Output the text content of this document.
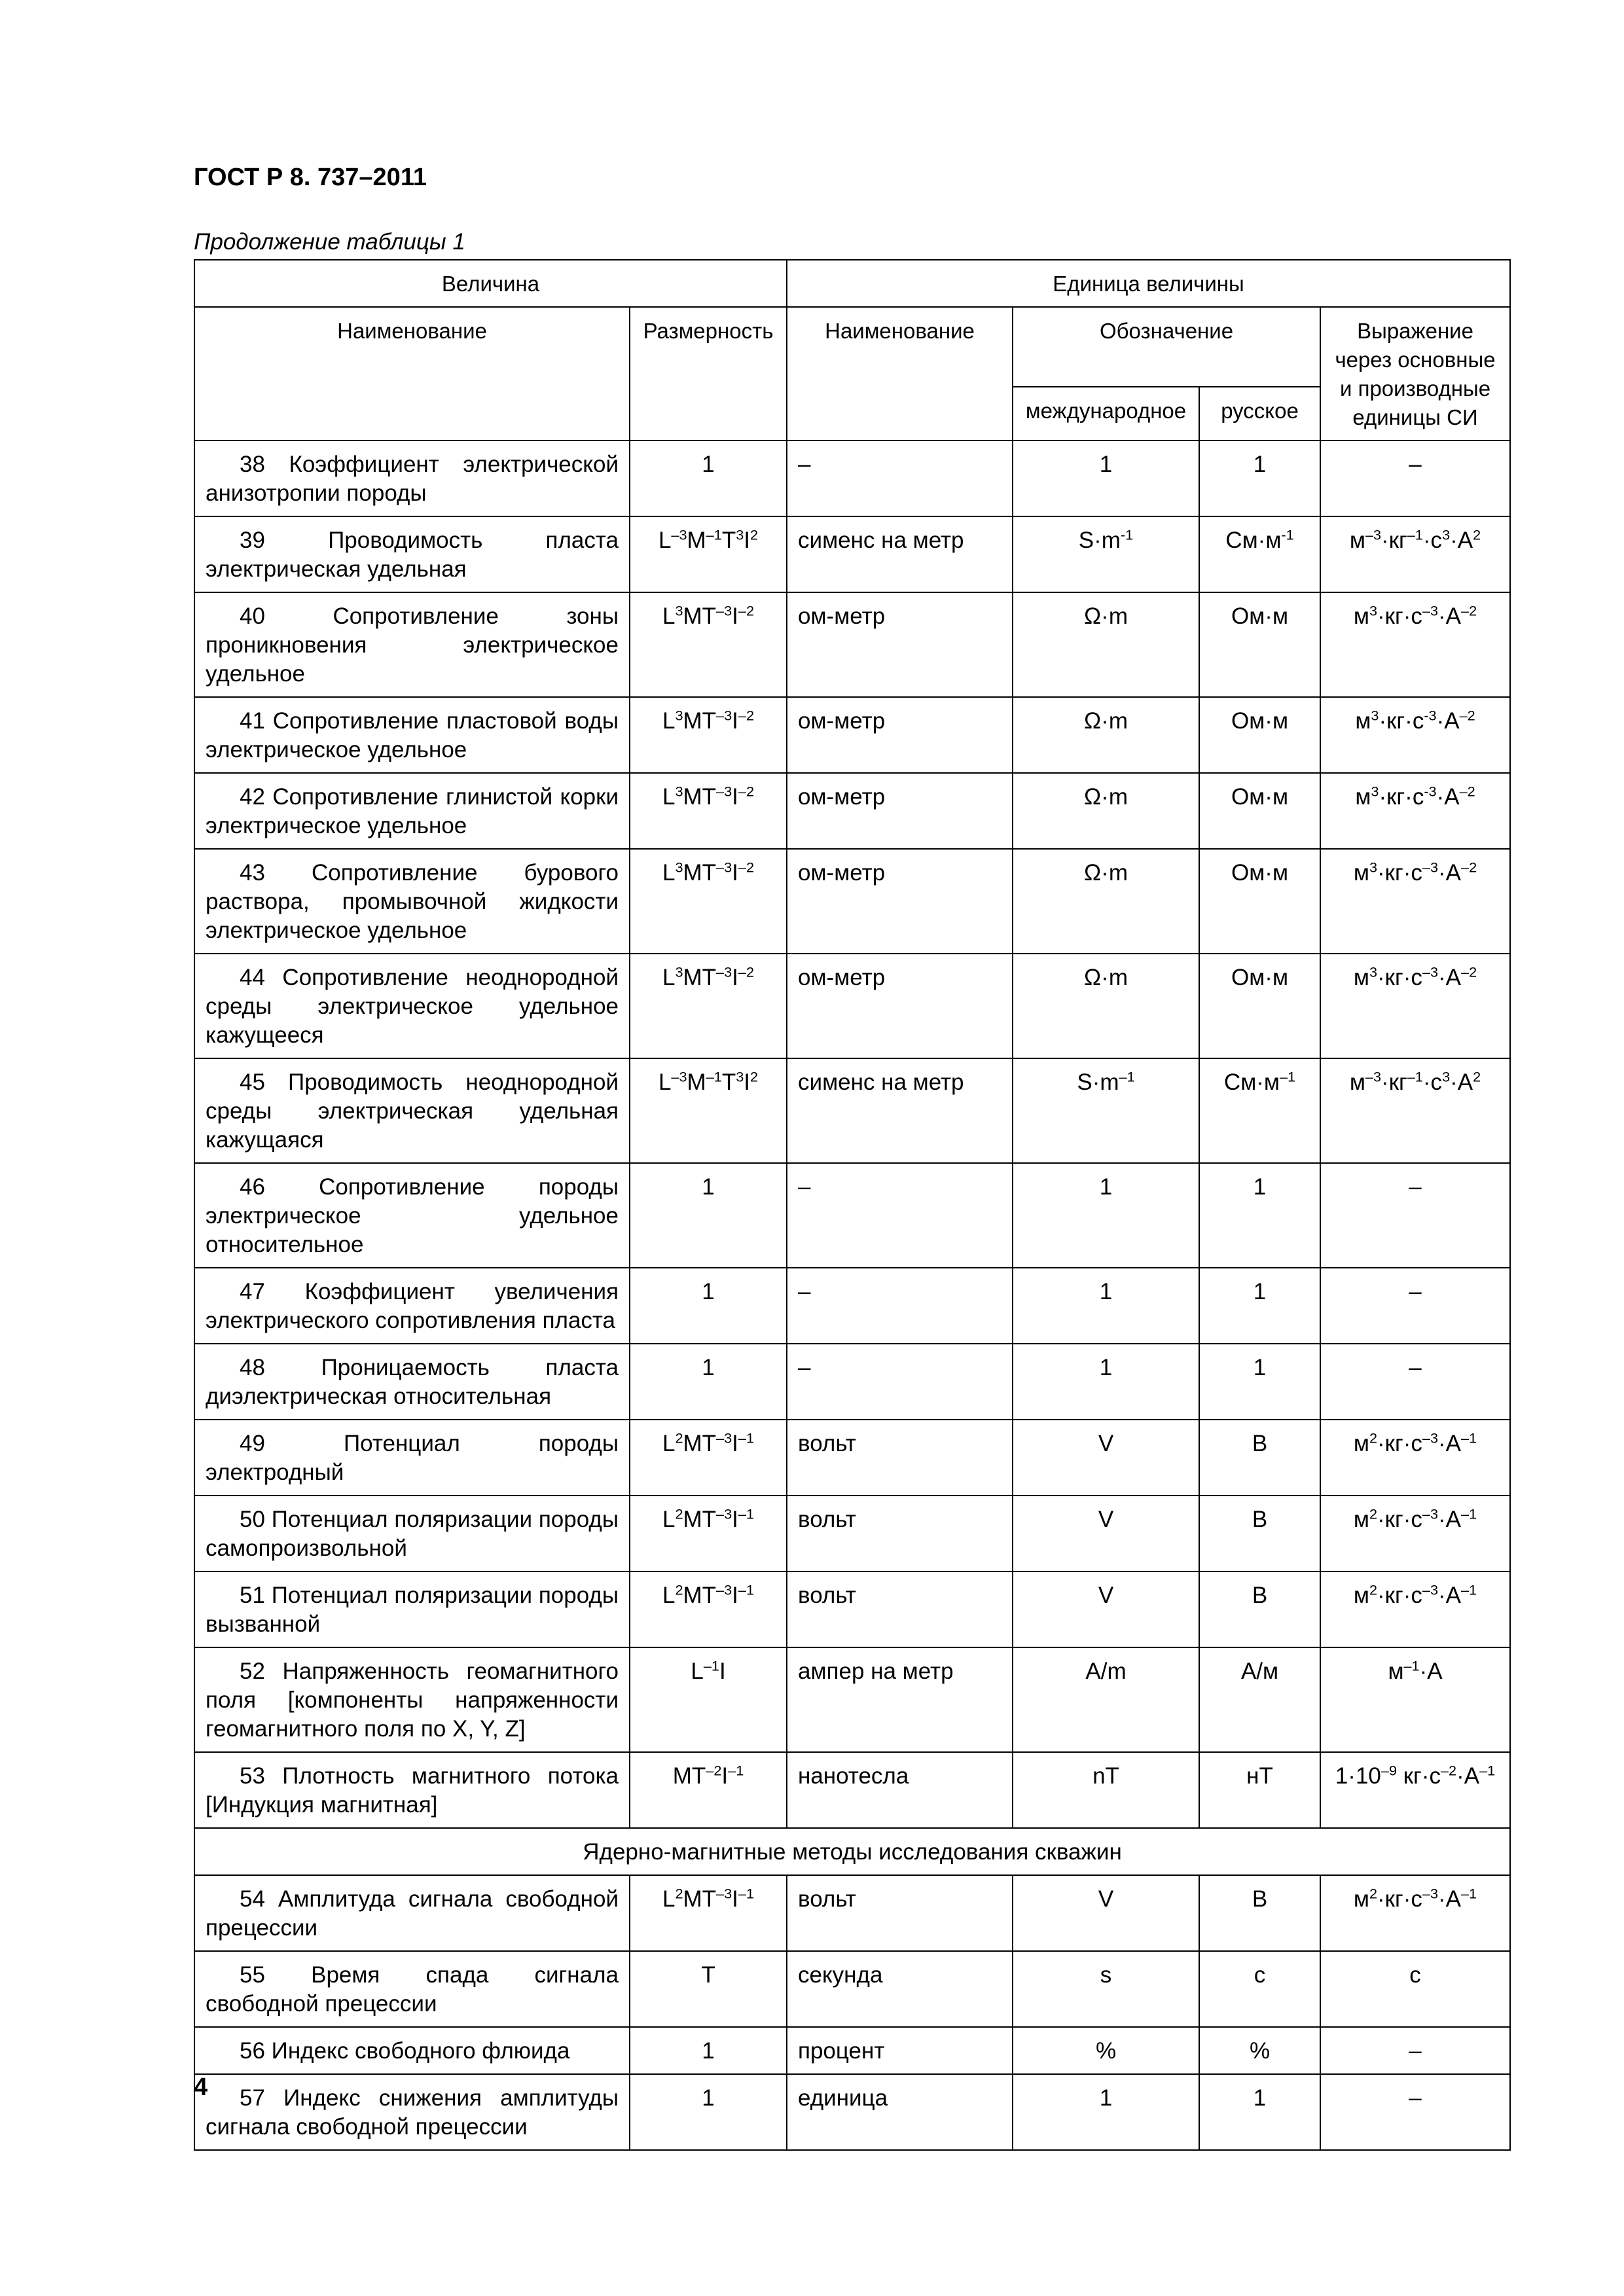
ГОСТ Р 8. 737–2011
Продолжение таблицы 1
Величина		Единица величины			
Наименование	Размерность	Наименование	Обозначение		Выражение через основные и производные единицы СИ
			международное	русское	
38 Коэффициент электрической анизотропии породы	1	–	1	1	–
39 Проводимость пласта электрическая удельная	$L^{-3}M^{-1}T^3I^2$	сименс на метр	$S\cdot m^{-1}$	$См\cdot м^{-1}$	$м^{-3}\cdot кг^{-1}\cdot с^3\cdot А^2$
40 Сопротивление зоны проникновения электрическое удельное	$L^3MT^{-3}I^{-2}$	ом-метр	Ω·m	Ом·м	$м^3\cdot кг\cdot с^{-3}\cdot А^{-2}$
41 Сопротивление пластовой воды электрическое удельное	$L^3MT^{-3}I^{-2}$	ом-метр	Ω·m	Ом·м	$м^3\cdot кг\cdot с^{-3}\cdot А^{-2}$
42 Сопротивление глинистой корки электрическое удельное	$L^3MT^{-3}I^{-2}$	ом-метр	Ω·m	Ом·м	$м^3\cdot кг\cdot с^{-3}\cdot А^{-2}$
43 Сопротивление бурового раствора, промывочной жидкости электрическое удельное	$L^3MT^{-3}I^{-2}$	ом-метр	Ω·m	Ом·м	$м^3\cdot кг\cdot с^{-3}\cdot А^{-2}$
44 Сопротивление неоднородной среды электрическое удельное кажущееся	$L^3MT^{-3}I^{-2}$	ом-метр	Ω·m	Ом·м	$м^3\cdot кг\cdot с^{-3}\cdot А^{-2}$
45 Проводимость неоднородной среды электрическая удельная кажущаяся	$L^{-3}M^{-1}T^3I^2$	сименс на метр	$S\cdot m^{-1}$	$См\cdot м^{-1}$	$м^{-3}\cdot кг^{-1}\cdot с^3\cdot А^2$
46 Сопротивление породы электрическое удельное относительное	1	–	1	1	–
47 Коэффициент увеличения электрического сопротивления пласта	1	–	1	1	–
48 Проницаемость пласта диэлектрическая относительная	1	–	1	1	–
49 Потенциал породы электродный	$L^2MT^{-3}I^{-1}$	вольт	V	В	$м^2\cdot кг\cdot с^{-3}\cdot А^{-1}$
50 Потенциал поляризации породы самопроизвольной	$L^2MT^{-3}I^{-1}$	вольт	V	В	$м^2\cdot кг\cdot с^{-3}\cdot А^{-1}$
51 Потенциал поляризации породы вызванной	$L^2MT^{-3}I^{-1}$	вольт	V	В	$м^2\cdot кг\cdot с^{-3}\cdot А^{-1}$
52 Напряженность геомагнитного поля [компоненты напряженности геомагнитного поля по X, Y, Z]	$L^{-1}I$	ампер на метр	A/m	А/м	$м^{-1}\cdot А$
53 Плотность магнитного потока [Индукция магнитная]	$MT^{-2}I^{-1}$	нанотесла	nT	нТ	$1\cdot 10^{-9}$ $кг\cdot с^{-2}\cdot А^{-1}$
Ядерно-магнитные методы исследования скважин					
54 Амплитуда сигнала свободной прецессии	$L^2MT^{-3}I^{-1}$	вольт	V	В	$м^2\cdot кг\cdot с^{-3}\cdot А^{-1}$
55 Время спада сигнала свободной прецессии	T	секунда	s	с	с
56 Индекс свободного флюида	1	процент	%	%	–
57 Индекс снижения амплитуды сигнала свободной прецессии	1	единица	1	1	–
4
